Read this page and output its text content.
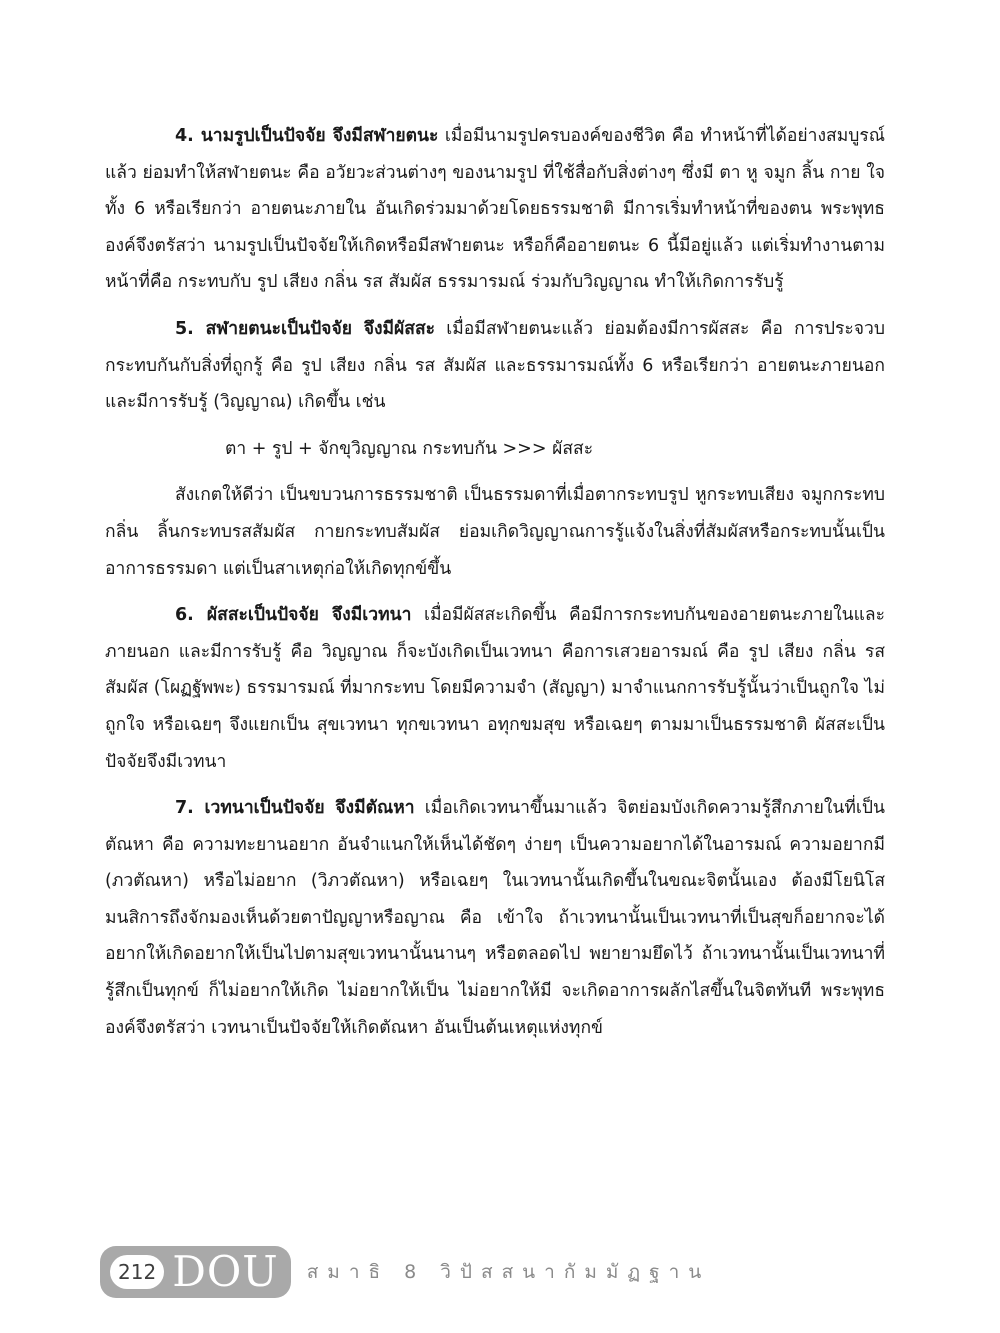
4. นามรูปเป็นปัจจัย จึงมีสฬายตนะ เมื่อมีนามรูปครบองค์ของชีวิต คือ ทำหน้าที่ได้อย่างสมบูรณ์แล้ว ย่อมทำให้สฬายตนะ คือ อวัยวะส่วนต่างๆ ของนามรูป ที่ใช้สื่อกับสิ่งต่างๆ ซึ่งมี ตา หู จมูก ลิ้น กาย ใจ ทั้ง 6 หรือเรียกว่า อายตนะภายใน อันเกิดร่วมมาด้วยโดยธรรมชาติ มีการเริ่มทำหน้าที่ของตน พระพุทธองค์จึงตรัสว่า นามรูปเป็นปัจจัยให้เกิดหรือมีสฬายตนะ หรือก็คืออายตนะ 6 นี้มีอยู่แล้ว แต่เริ่มทำงานตามหน้าที่คือ กระทบกับ รูป เสียง กลิ่น รส สัมผัส ธรรมารมณ์ ร่วมกับวิญญาณ ทำให้เกิดการรับรู้

5. สฬายตนะเป็นปัจจัย จึงมีผัสสะ เมื่อมีสฬายตนะแล้ว ย่อมต้องมีการผัสสะ คือ การประจวบกระทบกันกับสิ่งที่ถูกรู้ คือ รูป เสียง กลิ่น รส สัมผัส และธรรมารมณ์ทั้ง 6 หรือเรียกว่า อายตนะภายนอก และมีการรับรู้ (วิญญาณ) เกิดขึ้น เช่น

ตา + รูป + จักขุวิญญาณ กระทบกัน >>> ผัสสะ

สังเกตให้ดีว่า เป็นขบวนการธรรมชาติ เป็นธรรมดาที่เมื่อตากระทบรูป หูกระทบเสียง จมูกกระทบกลิ่น ลิ้นกระทบรสสัมผัส กายกระทบสัมผัส ย่อมเกิดวิญญาณการรู้แจ้งในสิ่งที่สัมผัสหรือกระทบนั้นเป็นอาการธรรมดา แต่เป็นสาเหตุก่อให้เกิดทุกข์ขึ้น

6. ผัสสะเป็นปัจจัย จึงมีเวทนา เมื่อมีผัสสะเกิดขึ้น คือมีการกระทบกันของอายตนะภายในและภายนอก และมีการรับรู้ คือ วิญญาณ ก็จะบังเกิดเป็นเวทนา คือการเสวยอารมณ์ คือ รูป เสียง กลิ่น รส สัมผัส (โผฏฐัพพะ) ธรรมารมณ์ ที่มากระทบ โดยมีความจำ (สัญญา) มาจำแนกการรับรู้นั้นว่าเป็นถูกใจ ไม่ถูกใจ หรือเฉยๆ จึงแยกเป็น สุขเวทนา ทุกขเวทนา อทุกขมสุข หรือเฉยๆ ตามมาเป็นธรรมชาติ ผัสสะเป็นปัจจัยจึงมีเวทนา

7. เวทนาเป็นปัจจัย จึงมีตัณหา เมื่อเกิดเวทนาขึ้นมาแล้ว จิตย่อมบังเกิดความรู้สึกภายในที่เป็นตัณหา คือ ความทะยานอยาก อันจำแนกให้เห็นได้ชัดๆ ง่ายๆ เป็นความอยากได้ในอารมณ์ ความอยากมี (ภวตัณหา) หรือไม่อยาก (วิภวตัณหา) หรือเฉยๆ ในเวทนานั้นเกิดขึ้นในขณะจิตนั้นเอง ต้องมีโยนิโสมนสิการถึงจักมองเห็นด้วยตาปัญญาหรือญาณ คือ เข้าใจ ถ้าเวทนานั้นเป็นเวทนาที่เป็นสุขก็อยากจะได้อยากให้เกิดอยากให้เป็นไปตามสุขเวทนานั้นนานๆ หรือตลอดไป พยายามยึดไว้ ถ้าเวทนานั้นเป็นเวทนาที่รู้สึกเป็นทุกข์ ก็ไม่อยากให้เกิด ไม่อยากให้เป็น ไม่อยากให้มี จะเกิดอาการผลักไสขึ้นในจิตทันที พระพุทธองค์จึงตรัสว่า เวทนาเป็นปัจจัยให้เกิดตัณหา อันเป็นต้นเหตุแห่งทุกข์

212 DOU สมาธิ 8 วิปัสสนากัมมัฏฐาน
